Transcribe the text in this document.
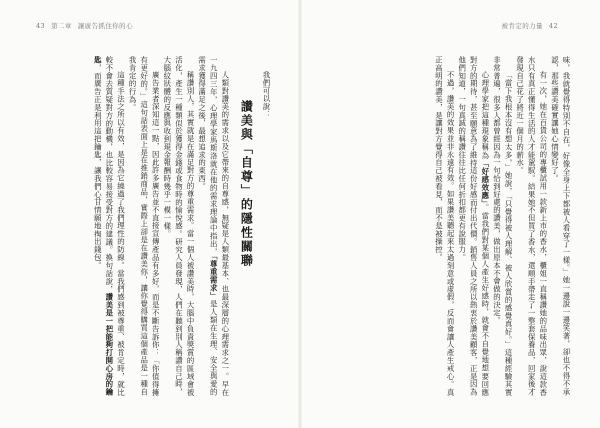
43 第二章 讓廣告抓住你的心

我們可以說：

讚美與「自尊」的隱性關聯

人類對讚美的需求以及它帶來的自尊感，無疑是人類最基本、也最深層的心理需求之一。早在一九四三年，心理學家馬斯洛就在他的需求理論中指出，「尊重需求」是人類在生理、安全與愛的需求獲得滿足之後，最想追求的東西。

稱讚別人，其實就是在滿足對方的尊重需求。當一個人被讚美時，大腦中負責獎賞的區域會被活化，產生一種類似於獲得金錢或食物時的愉悅感。研究人員發現，人們在聽到別人稱讚自己時，大腦紋狀體的反應與收到現金報酬時幾乎一模一樣。

廣告業者深知這一點，因此許多廣告並不直接宣傳產品有多好，而是不斷告訴你：「你值得擁有更好的。」這句話表面上是在推銷商品，實際上卻是在讚美你，讓你覺得購買這個產品是一種自我肯定的行為。

這種手法之所以有效，是因為它繞過了我們理性的防線。當我們感到被尊重、被肯定時，就比較不會去質疑對方的動機，也比較容易接受對方的建議。換句話說，讚美是一把能夠打開心房的鑰匙，而廣告正是利用這把鑰匙，讓我們心甘情願地掏出錢包。

被肯定的力量 42

味，我就覺得特別不自在，好像全身上下都被人看穿了一樣。」她一邊說一邊笑著，卻也不得不承認，那些讚美確實讓她心情變好了。

有一次，她在百貨公司的專櫃試用一款新上市的香水，櫃姐一直稱讚她的品味出眾，說這款香水只有真正懂得生活的人才能駕馭。結果她不但買了香水，還順手帶走了一整套保養品，回家後才發現自己花了將近一個月的薪水。

「當下我根本沒有想太多，」她說，「只覺得被人理解、被人欣賞的感覺真好。」這種經驗其實非常普遍，很多人都曾經因為一句恰到好處的讚美，做出原本不會做的決定。

心理學家把這種現象稱為「好感效應」。當我們對某個人產生好感時，就會不自覺地想要回應對方的期待，甚至願意為了維持這份好感而付出代價。銷售人員之所以熱衷於讚美顧客，正是因為他們知道，一句真誠的稱讚往往比任何折扣都更有說服力。

不過，讚美的效果並非永遠有效。如果讚美聽起來太過刻意或虛假，反而會讓人產生戒心。真正高明的讚美，是讓對方覺得自己被看見，而不是被操控。
